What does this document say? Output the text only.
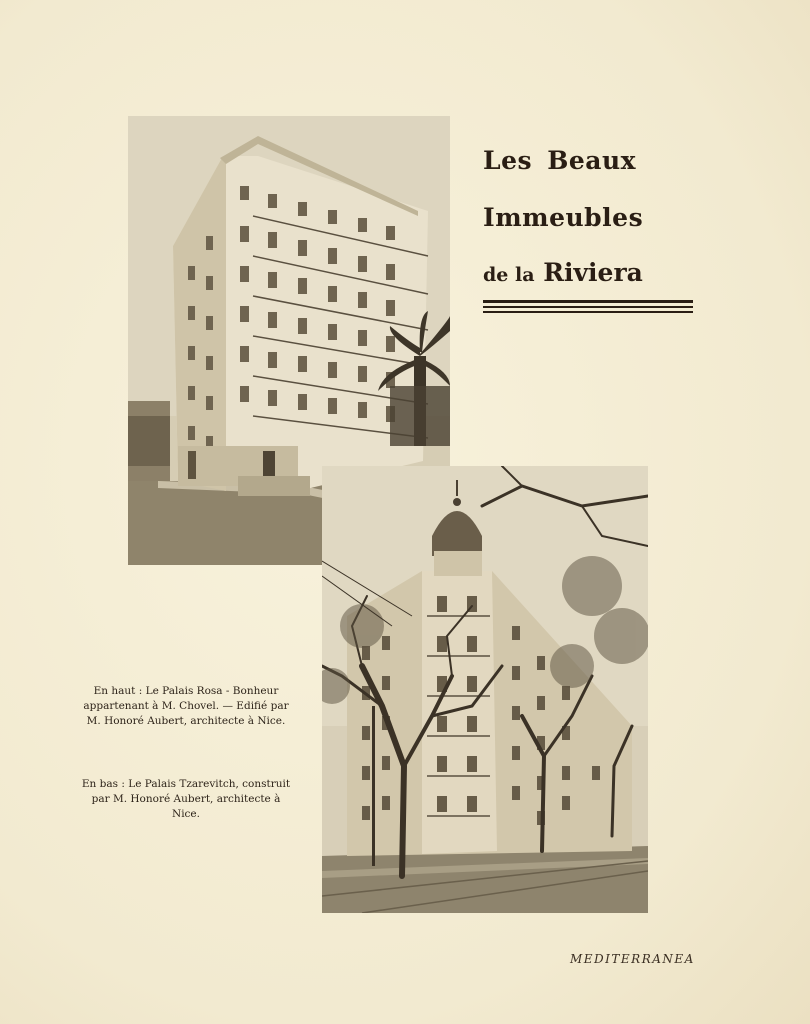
Les Beaux
Immeubles
de la Riviera
En haut : Le Palais Rosa - Bonheur appartenant à M. Chovel. — Edifié par M. Honoré Aubert, architecte à Nice.
En bas : Le Palais Tzarevitch, construit par M. Honoré Aubert, architecte à Nice.
MEDITERRANEA
